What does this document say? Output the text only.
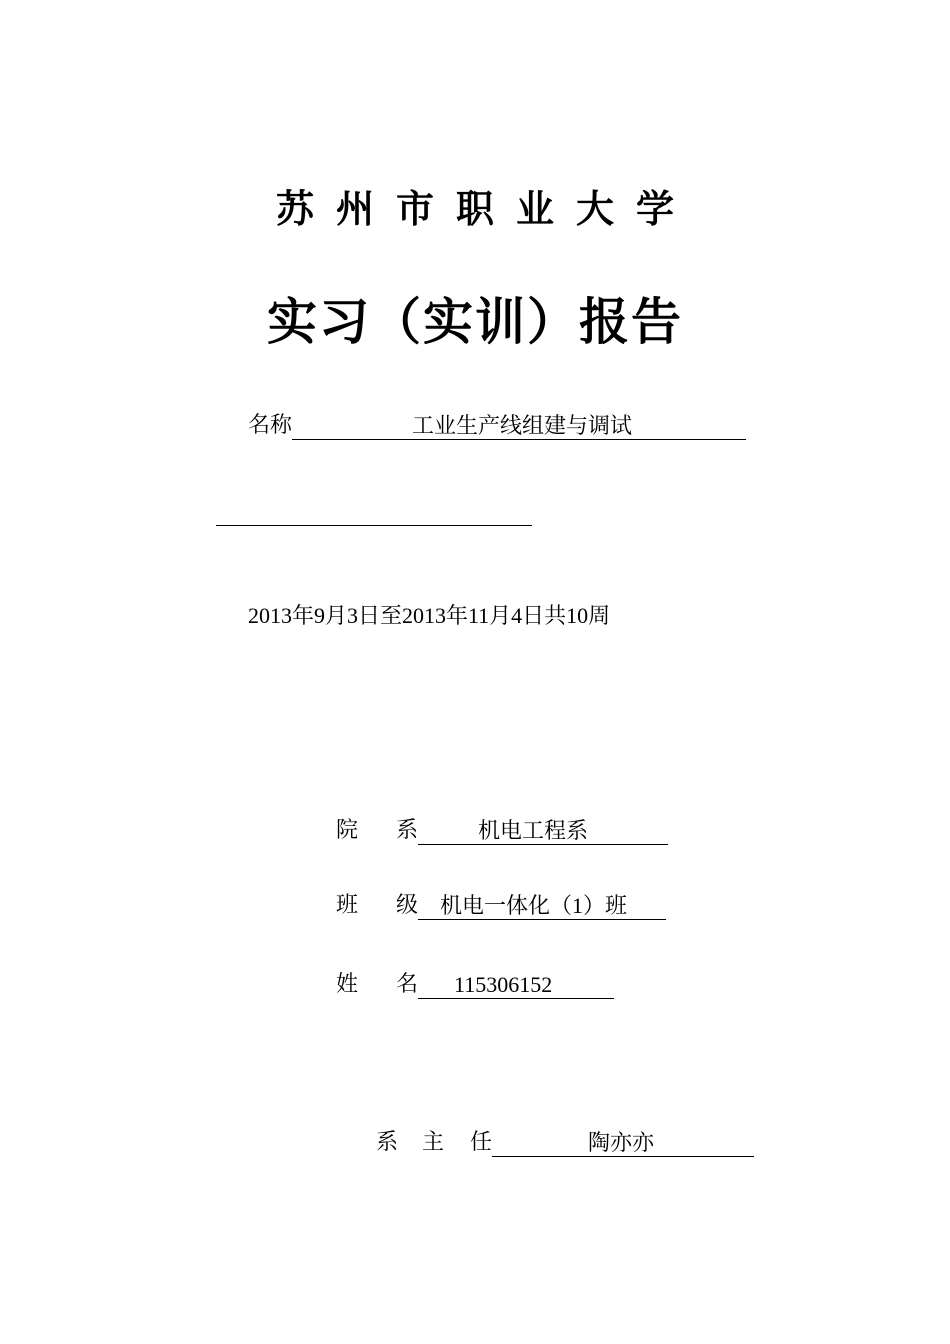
苏州市职业大学
实习（实训）报告
名称	工业生产线组建与调试
2013年9月3日至2013年11月4日共10周
院 系	机电工程系
班 级 机电一体化（1）班
姓 名 115306152
系 主 任	陶亦亦
